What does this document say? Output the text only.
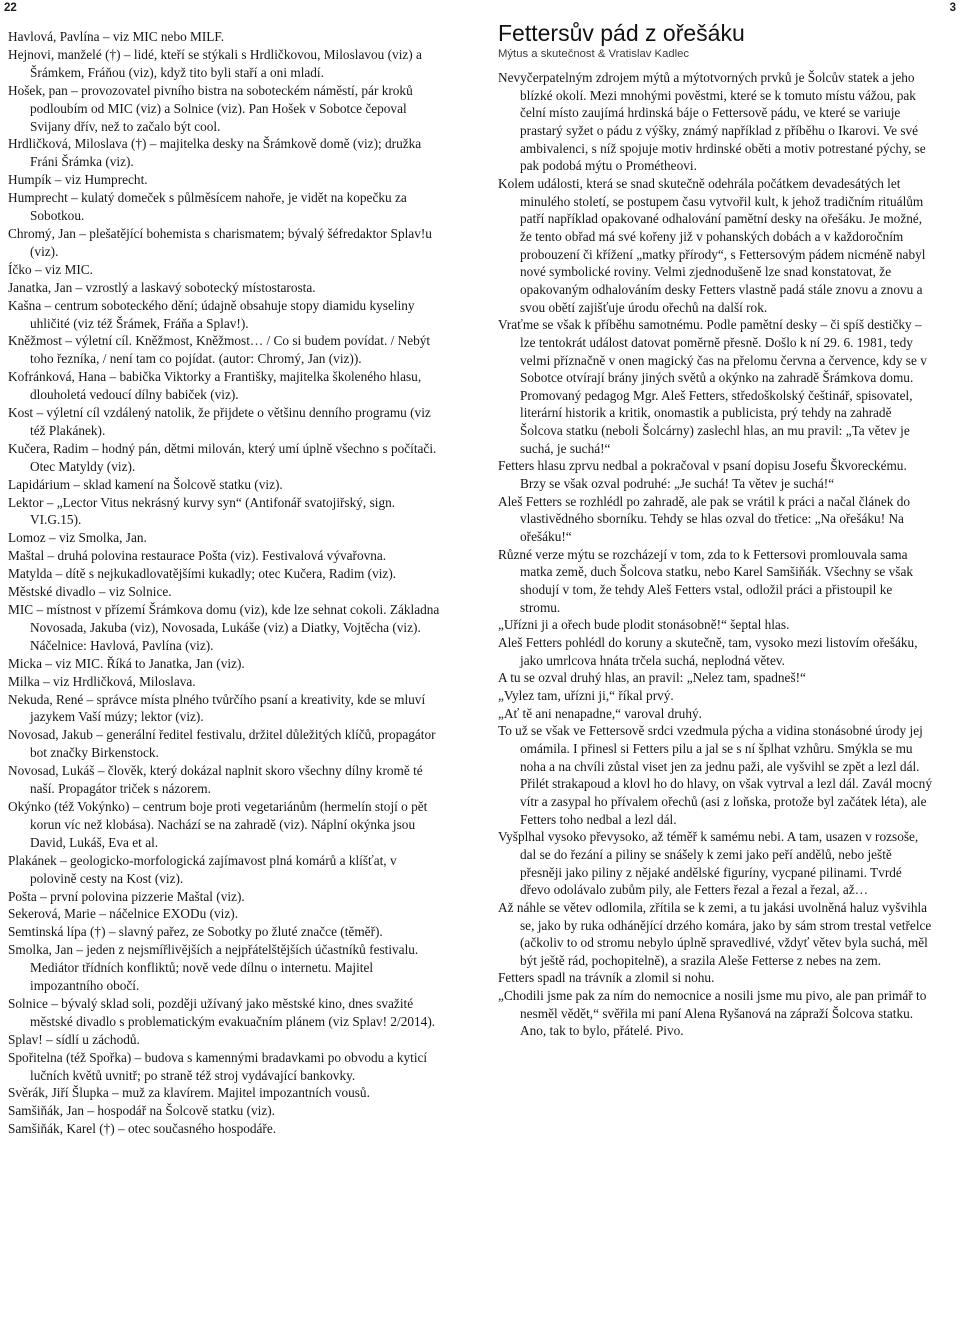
22	3

Havlová, Pavlína – viz MIC nebo MILF.

Hejnovi, manželé (†) – lidé, kteří se stýkali s Hrdličkovou, Miloslavou (viz) a Šrámkem, Fráňou (viz), když tito byli staří a oni mladí.

Hošek, pan – provozovatel pivního bistra na soboteckém náměstí, pár kroků podloubím od MIC (viz) a Solnice (viz). Pan Hošek v Sobotce čepoval Svijany dřív, než to začalo být cool.

Hrdličková, Miloslava (†) – majitelka desky na Šrámkově domě (viz); družka Fráni Šrámka (viz).

Humpík – viz Humprecht.

Humprecht – kulatý domeček s půlměsícem nahoře, je vidět na kopečku za Sobotkou.

Chromý, Jan – plešatějící bohemista s charismatem; bývalý šéfredaktor Splav!u (viz).

Íčko – viz MIC.

Janatka, Jan – vzrostlý a laskavý sobotecký místostarosta.

Kašna – centrum soboteckého dění; údajně obsahuje stopy diamidu kyseliny uhličité (viz též Šrámek, Fráňa a Splav!).

Kněžmost – výletní cíl. Kněžmost, Kněžmost… / Co si budem povídat. / Nebýt toho řezníka, / není tam co pojídat. (autor: Chromý, Jan (viz)).

Kofránková, Hana – babička Viktorky a Františky, majitelka školeného hlasu, dlouholetá vedoucí dílny babiček (viz).

Kost – výletní cíl vzdálený natolik, že přijdete o většinu denního programu (viz též Plakánek).

Kučera, Radim – hodný pán, dětmi milován, který umí úplně všechno s počítači. Otec Matyldy (viz).

Lapidárium – sklad kamení na Šolcově statku (viz).

Lektor – „Lector Vitus nekrásný kurvy syn“ (Antifonář svatojiřský, sign. VI.G.15).

Lomoz – viz Smolka, Jan.

Maštal – druhá polovina restaurace Pošta (viz). Festivalová vývařovna.

Matylda – dítě s nejkukadlovatějšími kukadly; otec Kučera, Radim (viz).

Městské divadlo – viz Solnice.

MIC – místnost v přízemí Šrámkova domu (viz), kde lze sehnat cokoli. Základna Novosada, Jakuba (viz), Novosada, Lukáše (viz) a Diatky, Vojtěcha (viz). Náčelnice: Havlová, Pavlína (viz).

Micka – viz MIC. Říká to Janatka, Jan (viz).

Milka – viz Hrdličková, Miloslava.

Nekuda, René – správce místa plného tvůrčího psaní a kreativity, kde se mluví jazykem Vaší múzy; lektor (viz).

Novosad, Jakub – generální ředitel festivalu, držitel důležitých klíčů, propagátor bot značky Birkenstock.

Novosad, Lukáš – člověk, který dokázal naplnit skoro všechny dílny kromě té naší. Propagátor triček s názorem.

Okýnko (též Vokýnko) – centrum boje proti vegetariánům (hermelín stojí o pět korun víc než klobása). Nachází se na zahradě (viz). Náplní okýnka jsou David, Lukáš, Eva et al.

Plakánek – geologicko-morfologická zajímavost plná komárů a klíšťat, v polovině cesty na Kost (viz).

Pošta – první polovina pizzerie Maštal (viz).

Sekerová, Marie – náčelnice EXODu (viz).

Semtinská lípa (†) – slavný pařez, ze Sobotky po žluté značce (těměř).

Smolka, Jan – jeden z nejsmířlivějších a nejpřátelštějších účastníků festivalu. Mediátor třídních konfliktů; nově vede dílnu o internetu. Majitel impozantního obočí.

Solnice – bývalý sklad soli, později užívaný jako městské kino, dnes svažité městské divadlo s problematickým evakuačním plánem (viz Splav! 2/2014).

Splav! – sídlí u záchodů.

Spořitelna (též Spořka) – budova s kamennými bradavkami po obvodu a kyticí lučních květů uvnitř; po straně též stroj vydávající bankovky.

Svěrák, Jiří Šlupka – muž za klavírem. Majitel impozantních vousů.

Samšiňák, Jan – hospodář na Šolcově statku (viz).

Samšiňák, Karel (†) – otec současného hospodáře.

Fettersův pád z ořešáku
Mýtus a skutečnost & Vratislav Kadlec

Nevyčerpatelným zdrojem mýtů a mýtotvorných prvků je Šolcův statek a jeho blízké okolí. Mezi mnohými pověstmi, které se k tomuto místu vážou, pak čelní místo zaujímá hrdinská báje o Fettersově pádu, ve které se variuje prastarý syžet o pádu z výšky, známý například z příběhu o Ikarovi. Ve své ambivalenci, s níž spojuje motiv hrdinské oběti a motiv potrestané pýchy, se pak podobá mýtu o Prométheovi.

Kolem události, která se snad skutečně odehrála počátkem devadesátých let minulého století, se postupem času vytvořil kult, k jehož tradičním rituálům patří například opakované odhalování pamětní desky na ořešáku. Je možné, že tento obřad má své kořeny již v pohanských dobách a v každoročním probouzení či křížení „matky přírody“, s Fettersovým pádem nicméně nabyl nové symbolické roviny. Velmi zjednodušeně lze snad konstatovat, že opakovaným odhalováním desky Fetters vlastně padá stále znovu a znovu a svou obětí zajišťuje úrodu ořechů na další rok.

Vraťme se však k příběhu samotnému. Podle pamětní desky – či spíš destičky – lze tentokrát událost datovat poměrně přesně. Došlo k ní 29. 6. 1981, tedy velmi příznačně v onen magický čas na přelomu června a července, kdy se v Sobotce otvírají brány jiných světů a okýnko na zahradě Šrámkova domu. Promovaný pedagog Mgr. Aleš Fetters, středoškolský češtinář, spisovatel, literární historik a kritik, onomastik a publicista, prý tehdy na zahradě Šolcova statku (neboli Šolcárny) zaslechl hlas, an mu pravil: „Ta větev je suchá, je suchá!“

Fetters hlasu zprvu nedbal a pokračoval v psaní dopisu Josefu Škvoreckému. Brzy se však ozval podruhé: „Je suchá! Ta větev je suchá!“

Aleš Fetters se rozhlédl po zahradě, ale pak se vrátil k práci a načal článek do vlastivědného sborníku. Tehdy se hlas ozval do třetice: „Na ořešáku! Na ořešáku!“

Různé verze mýtu se rozcházejí v tom, zda to k Fettersovi promlouvala sama matka země, duch Šolcova statku, nebo Karel Samšiňák. Všechny se však shodují v tom, že tehdy Aleš Fetters vstal, odložil práci a přistoupil ke stromu.

„Uřízni ji a ořech bude plodit stonásobně!“ šeptal hlas.

Aleš Fetters pohlédl do koruny a skutečně, tam, vysoko mezi listovím ořešáku, jako umrlcova hnáta trčela suchá, neplodná větev.

A tu se ozval druhý hlas, an pravil: „Nelez tam, spadneš!“

„Vylez tam, uřízni ji,“ říkal prvý.

„Ať tě ani nenapadne,“ varoval druhý.

To už se však ve Fettersově srdci vzedmula pýcha a vidina stonásobné úrody jej omámila. I přinesl si Fetters pilu a jal se s ní šplhat vzhůru. Smýkla se mu noha a na chvíli zůstal viset jen za jednu paži, ale vyšvihl se zpět a lezl dál. Přilét strakapoud a klovl ho do hlavy, on však vytrval a lezl dál. Zavál mocný vítr a zasypal ho přívalem ořechů (asi z loňska, protože byl začátek léta), ale Fetters toho nedbal a lezl dál.

Vyšplhal vysoko převysoko, až téměř k samému nebi. A tam, usazen v rozsoše, dal se do řezání a piliny se snášely k zemi jako peří andělů, nebo ještě přesněji jako piliny z nějaké andělské figuríny, vycpané pilinami. Tvrdé dřevo odolávalo zubům pily, ale Fetters řezal a řezal a řezal, až…

Až náhle se větev odlomila, zřítila se k zemi, a tu jakási uvolněná haluz vyšvihla se, jako by ruka odhánějící drzého komára, jako by sám strom trestal vetřelce (ačkoliv to od stromu nebylo úplně spravedlivé, vždyť větev byla suchá, měl být ještě rád, pochopitelně), a srazila Aleše Fetterse z nebes na zem.

Fetters spadl na trávník a zlomil si nohu.

„Chodili jsme pak za ním do nemocnice a nosili jsme mu pivo, ale pan primář to nesměl vědět,“ svěřila mi paní Alena Ryšanová na zápraží Šolcova statku. Ano, tak to bylo, přátelé. Pivo.
